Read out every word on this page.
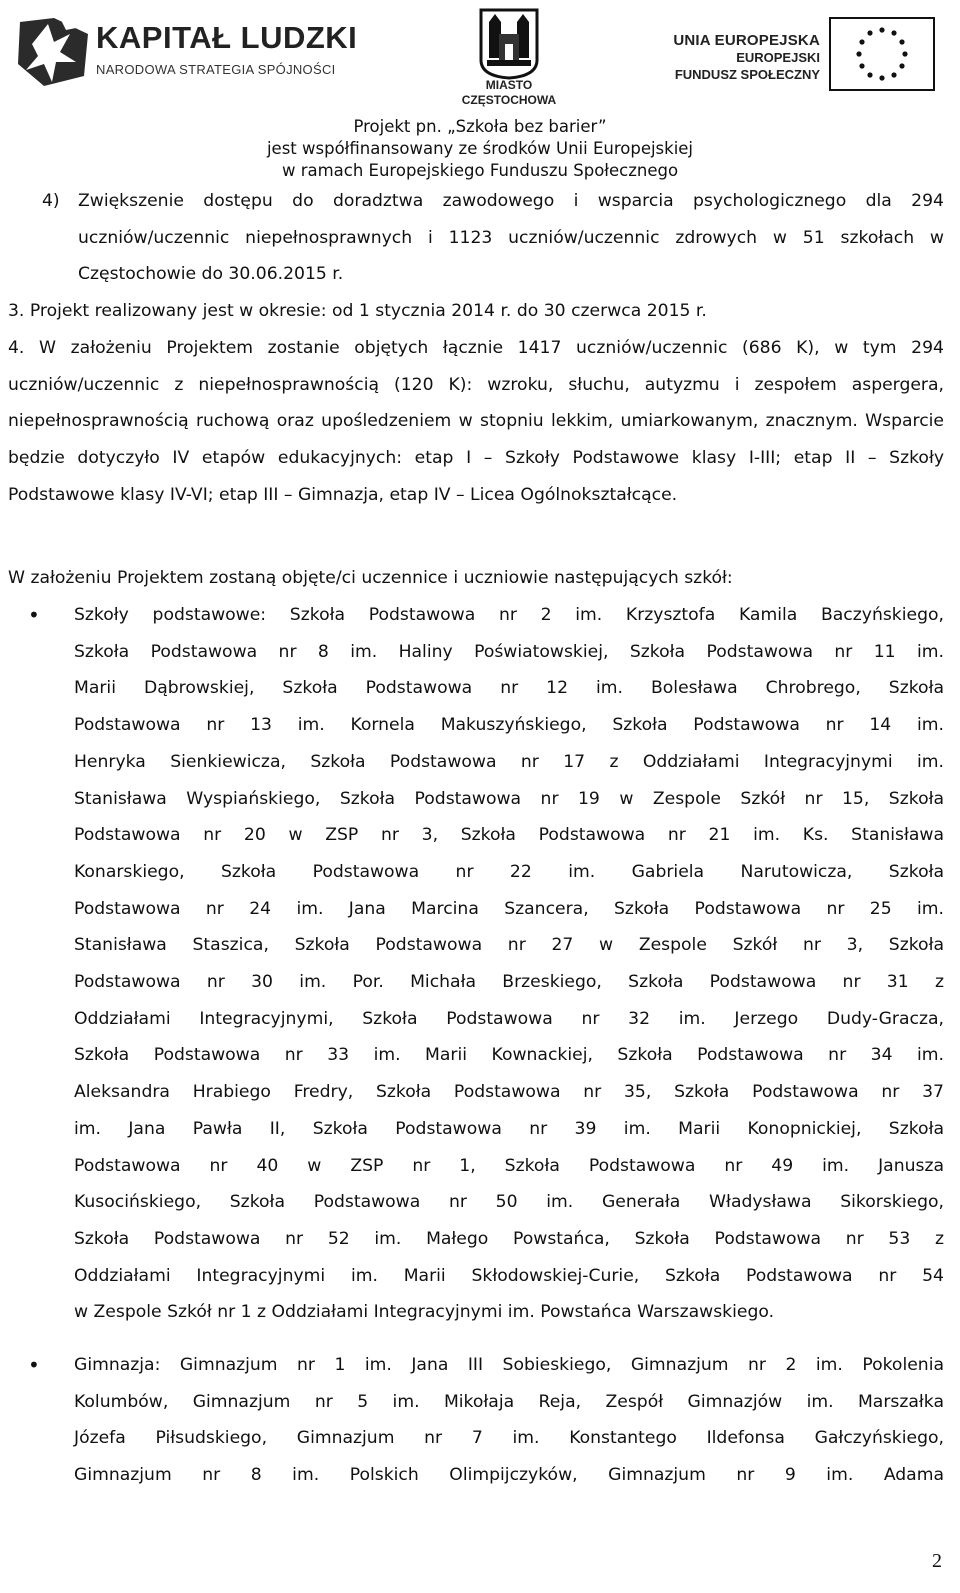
KAPITAŁ LUDZKI
NARODOWA STRATEGIA SPÓJNOŚCI
MIASTO
CZĘSTOCHOWA
UNIA EUROPEJSKA
EUROPEJSKI
FUNDUSZ SPOŁECZNY
Projekt pn. „Szkoła bez barier”
jest współfinansowany ze środków Unii Europejskiej
w ramach Europejskiego Funduszu Społecznego
4) Zwiększenie dostępu do doradztwa zawodowego i wsparcia psychologicznego dla 294 uczniów/uczennic niepełnosprawnych i 1123 uczniów/uczennic zdrowych w 51 szkołach w Częstochowie do 30.06.2015 r.
3. Projekt realizowany jest w okresie: od 1 stycznia 2014 r. do 30 czerwca 2015 r.
4. W założeniu Projektem zostanie objętych łącznie 1417 uczniów/uczennic (686 K), w tym 294 uczniów/uczennic z niepełnosprawnością (120 K): wzroku, słuchu, autyzmu i zespołem aspergera, niepełnosprawnością ruchową oraz upośledzeniem w stopniu lekkim, umiarkowanym, znacznym. Wsparcie będzie dotyczyło IV etapów edukacyjnych: etap I – Szkoły Podstawowe klasy I-III; etap II – Szkoły Podstawowe klasy IV-VI; etap III – Gimnazja, etap IV – Licea Ogólnokształcące.
W założeniu Projektem zostaną objęte/ci uczennice i uczniowie następujących szkół:
• Szkoły podstawowe: Szkoła Podstawowa nr 2 im. Krzysztofa Kamila Baczyńskiego,
Szkoła Podstawowa nr 8 im. Haliny Poświatowskiej, Szkoła Podstawowa nr 11 im.
Marii Dąbrowskiej, Szkoła Podstawowa nr 12 im. Bolesława Chrobrego, Szkoła
Podstawowa nr 13 im. Kornela Makuszyńskiego, Szkoła Podstawowa nr 14 im.
Henryka Sienkiewicza, Szkoła Podstawowa nr 17 z Oddziałami Integracyjnymi im.
Stanisława Wyspiańskiego, Szkoła Podstawowa nr 19 w Zespole Szkół nr 15, Szkoła
Podstawowa nr 20 w ZSP nr 3, Szkoła Podstawowa nr 21 im. Ks. Stanisława
Konarskiego, Szkoła Podstawowa nr 22 im. Gabriela Narutowicza, Szkoła
Podstawowa nr 24 im. Jana Marcina Szancera, Szkoła Podstawowa nr 25 im.
Stanisława Staszica, Szkoła Podstawowa nr 27 w Zespole Szkół nr 3, Szkoła
Podstawowa nr 30 im. Por. Michała Brzeskiego, Szkoła Podstawowa nr 31 z
Oddziałami Integracyjnymi, Szkoła Podstawowa nr 32 im. Jerzego Dudy-Gracza,
Szkoła Podstawowa nr 33 im. Marii Kownackiej, Szkoła Podstawowa nr 34 im.
Aleksandra Hrabiego Fredry, Szkoła Podstawowa nr 35, Szkoła Podstawowa nr 37
im. Jana Pawła II, Szkoła Podstawowa nr 39 im. Marii Konopnickiej, Szkoła
Podstawowa nr 40 w ZSP nr 1, Szkoła Podstawowa nr 49 im. Janusza
Kusocińskiego, Szkoła Podstawowa nr 50 im. Generała Władysława Sikorskiego,
Szkoła Podstawowa nr 52 im. Małego Powstańca, Szkoła Podstawowa nr 53 z
Oddziałami Integracyjnymi im. Marii Skłodowskiej-Curie, Szkoła Podstawowa nr 54
w Zespole Szkół nr 1 z Oddziałami Integracyjnymi im. Powstańca Warszawskiego.
• Gimnazja: Gimnazjum nr 1 im. Jana III Sobieskiego, Gimnazjum nr 2 im. Pokolenia
Kolumbów, Gimnazjum nr 5 im. Mikołaja Reja, Zespół Gimnazjów im. Marszałka
Józefa Piłsudskiego, Gimnazjum nr 7 im. Konstantego Ildefonsa Gałczyńskiego,
Gimnazjum nr 8 im. Polskich Olimpijczyków, Gimnazjum nr 9 im. Adama
2
